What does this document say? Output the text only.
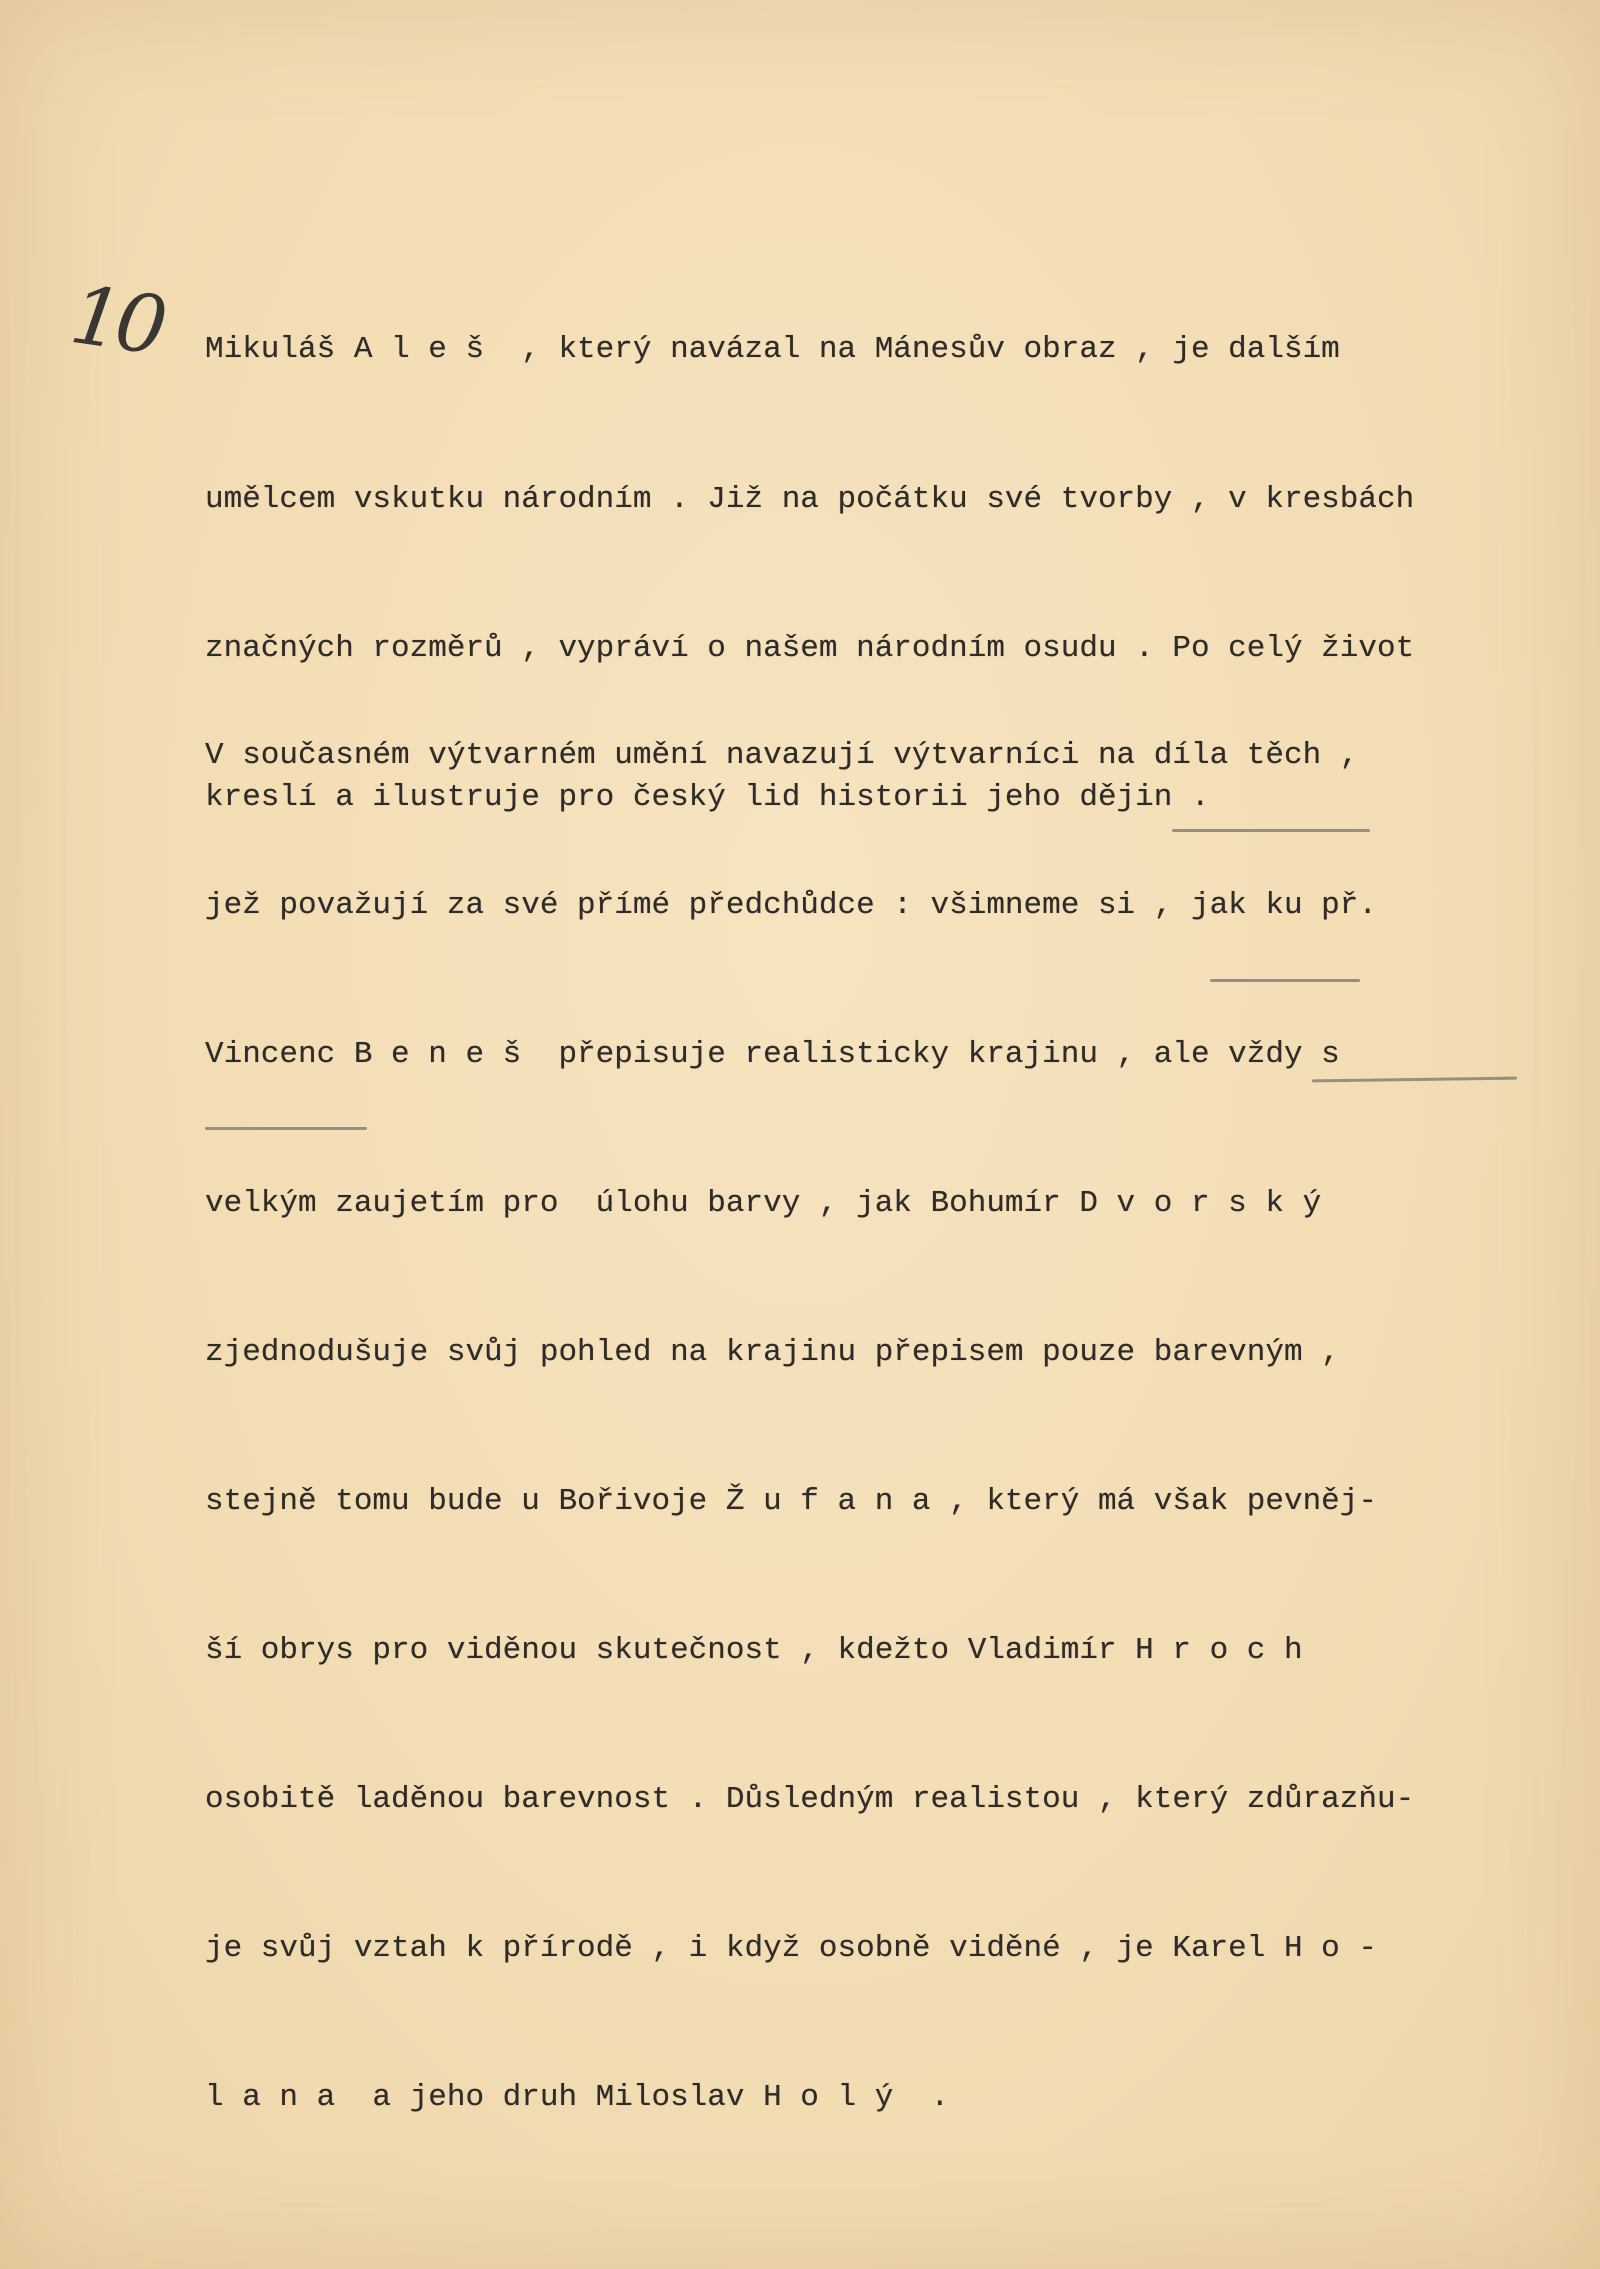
10

Mikuláš A l e š  , který navázal na Mánesův obraz , je dalším

umělcem vskutku národním . Již na počátku své tvorby , v kresbách

značných rozměrů , vypráví o našem národním osudu . Po celý život

kreslí a ilustruje pro český lid historii jeho dějin .

V současném výtvarném umění navazují výtvarníci na díla těch ,

jež považují za své přímé předchůdce : všimneme si , jak ku př.

Vincenc B e n e š  přepisuje realisticky krajinu , ale vždy s

velkým zaujetím pro  úlohu barvy , jak Bohumír D v o r s k ý

zjednodušuje svůj pohled na krajinu přepisem pouze barevným ,

stejně tomu bude u Bořivoje Ž u f a n a , který má však pevněj-

ší obrys pro viděnou skutečnost , kdežto Vladimír H r o c h

osobitě laděnou barevnost . Důsledným realistou , který zdůrazňu-

je svůj vztah k přírodě , i když osobně viděné , je Karel H o -

l a n a  a jeho druh Miloslav H o l ý  .
